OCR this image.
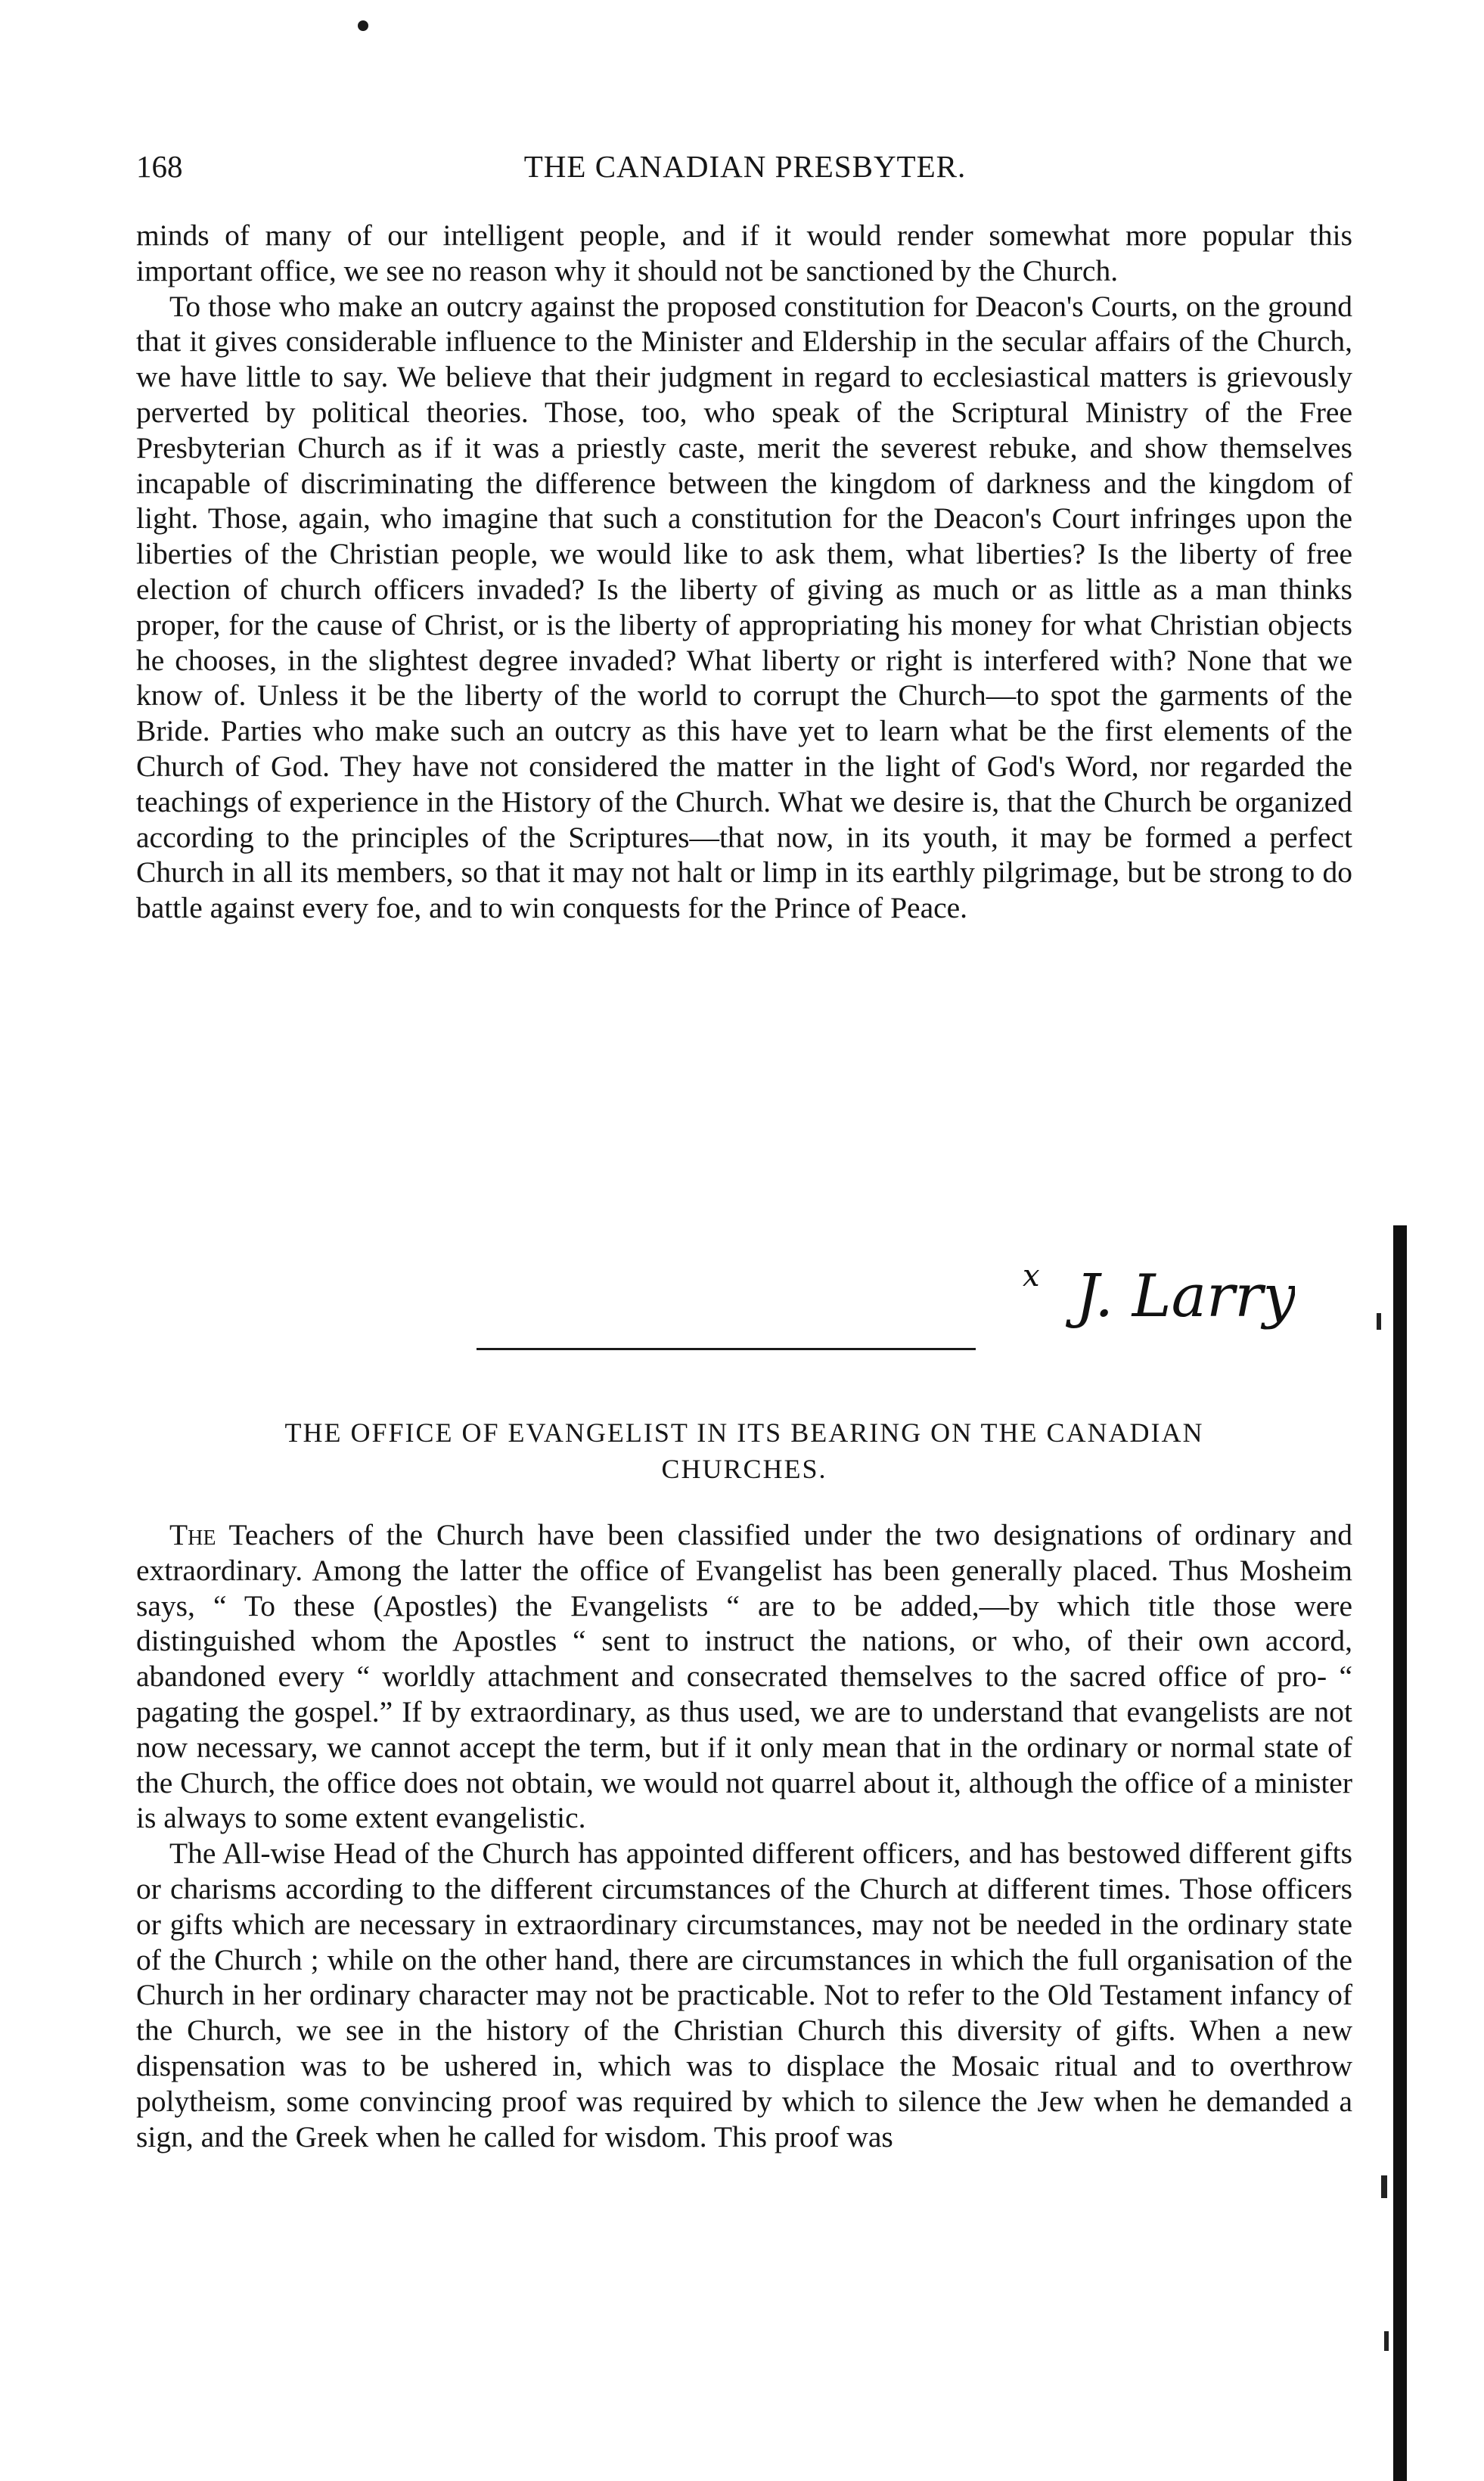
168	THE CANADIAN PRESBYTER.

minds of many of our intelligent people, and if it would render somewhat more popular this important office, we see no reason why it should not be sanctioned by the Church.

To those who make an outcry against the proposed constitution for Deacon's Courts, on the ground that it gives considerable influence to the Minister and Eldership in the secular affairs of the Church, we have little to say. We believe that their judgment in regard to ecclesiastical matters is grievously perverted by political theories. Those, too, who speak of the Scriptural Ministry of the Free Presbyterian Church as if it was a priestly caste, merit the severest rebuke, and show themselves incapable of discriminating the difference between the kingdom of darkness and the kingdom of light. Those, again, who imagine that such a constitution for the Deacon's Court infringes upon the liberties of the Christian people, we would like to ask them, what liberties? Is the liberty of free election of church officers invaded? Is the liberty of giving as much or as little as a man thinks proper, for the cause of Christ, or is the liberty of appropriating his money for what Christian objects he chooses, in the slightest degree invaded? What liberty or right is interfered with? None that we know of. Unless it be the liberty of the world to corrupt the Church—to spot the garments of the Bride. Parties who make such an outcry as this have yet to learn what be the first elements of the Church of God. They have not considered the matter in the light of God's Word, nor regarded the teachings of experience in the History of the Church. What we desire is, that the Church be organized according to the principles of the Scriptures—that now, in its youth, it may be formed a perfect Church in all its members, so that it may not halt or limp in its earthly pilgrimage, but be strong to do battle against every foe, and to win conquests for the Prince of Peace.

x J. Larry
THE OFFICE OF EVANGELIST IN ITS BEARING ON THE CANADIAN
CHURCHES.

The Teachers of the Church have been classified under the two designations of ordinary and extraordinary. Among the latter the office of Evangelist has been generally placed. Thus Mosheim says, “ To these (Apostles) the Evangelists “ are to be added,—by which title those were distinguished whom the Apostles “ sent to instruct the nations, or who, of their own accord, abandoned every “ worldly attachment and consecrated themselves to the sacred office of pro- “ pagating the gospel.” If by extraordinary, as thus used, we are to understand that evangelists are not now necessary, we cannot accept the term, but if it only mean that in the ordinary or normal state of the Church, the office does not obtain, we would not quarrel about it, although the office of a minister is always to some extent evangelistic.

The All-wise Head of the Church has appointed different officers, and has bestowed different gifts or charisms according to the different circumstances of the Church at different times. Those officers or gifts which are necessary in extraordinary circumstances, may not be needed in the ordinary state of the Church ; while on the other hand, there are circumstances in which the full organisation of the Church in her ordinary character may not be practicable. Not to refer to the Old Testament infancy of the Church, we see in the history of the Christian Church this diversity of gifts. When a new dispensation was to be ushered in, which was to displace the Mosaic ritual and to overthrow polytheism, some convincing proof was required by which to silence the Jew when he demanded a sign, and the Greek when he called for wisdom. This proof was
